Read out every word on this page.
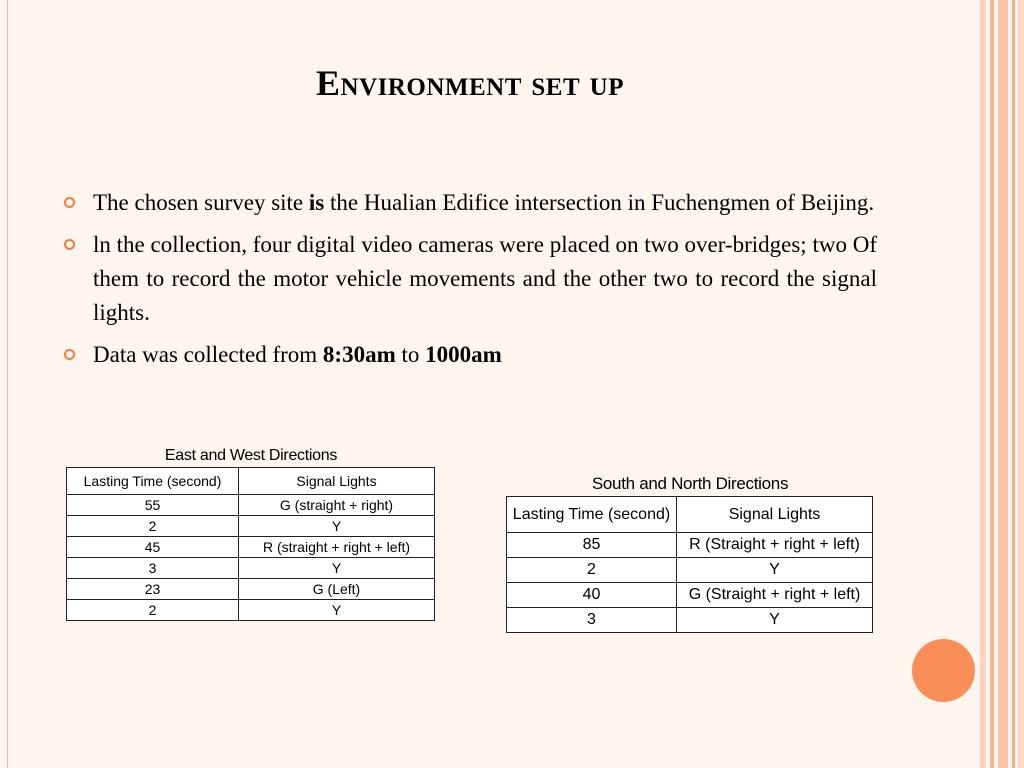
Environment set up
The chosen survey site is the Hualian Edifice intersection in Fuchengmen of Beijing.
ln the collection, four digital video cameras were placed on two over-bridges; two Of them to record the motor vehicle movements and the other two to record the signal lights.
Data was collected from 8:30am to 1000am
East and West Directions
Lasting Time (second)	Signal Lights
55	G (straight + right)
2	Y
45	R (straight + right + left)
3	Y
23	G (Left)
2	Y
South and North Directions
Lasting Time (second)	Signal Lights
85	R (Straight + right + left)
2	Y
40	G (Straight + right + left)
3	Y
